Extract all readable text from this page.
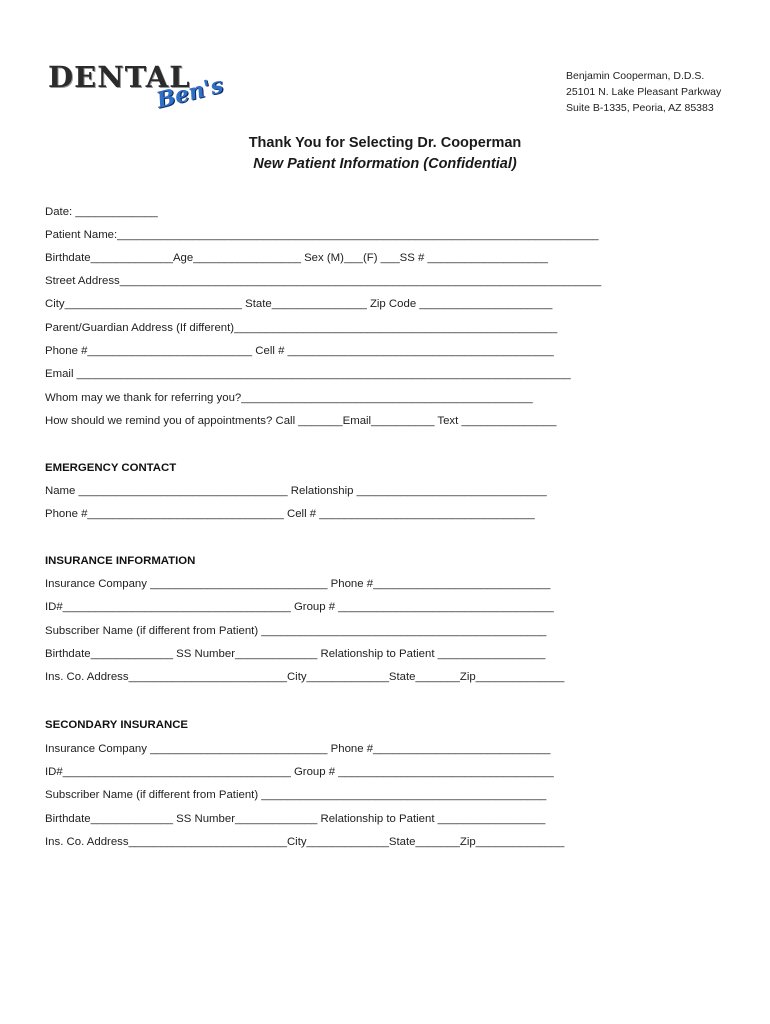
DENTAL
Ben's	Benjamin Cooperman, D.D.S.
25101 N. Lake Pleasant Parkway
Suite B-1335, Peoria, AZ 85383
Thank You for Selecting Dr. Cooperman
New Patient Information (Confidential)
Date: _____________
Patient Name:____________________________________________________________________________
Birthdate_____________Age_________________ Sex (M)___(F) ___SS # ___________________
Street Address____________________________________________________________________________
City____________________________ State_______________ Zip Code _____________________
Parent/Guardian Address (If different)___________________________________________________
Phone #__________________________ Cell # __________________________________________
Email ______________________________________________________________________________
Whom may we thank for referring you?______________________________________________
How should we remind you of appointments? Call _______Email__________ Text _______________
EMERGENCY CONTACT
Name _________________________________ Relationship ______________________________
Phone #_______________________________ Cell # __________________________________
INSURANCE INFORMATION
Insurance Company ____________________________ Phone #____________________________
ID#____________________________________ Group # __________________________________
Subscriber Name (if different from Patient) _____________________________________________
Birthdate_____________ SS Number_____________ Relationship to Patient _________________
Ins. Co. Address_________________________City_____________State_______Zip______________
SECONDARY INSURANCE
Insurance Company ____________________________ Phone #____________________________
ID#____________________________________ Group # __________________________________
Subscriber Name (if different from Patient) _____________________________________________
Birthdate_____________ SS Number_____________ Relationship to Patient _________________
Ins. Co. Address_________________________City_____________State_______Zip______________
